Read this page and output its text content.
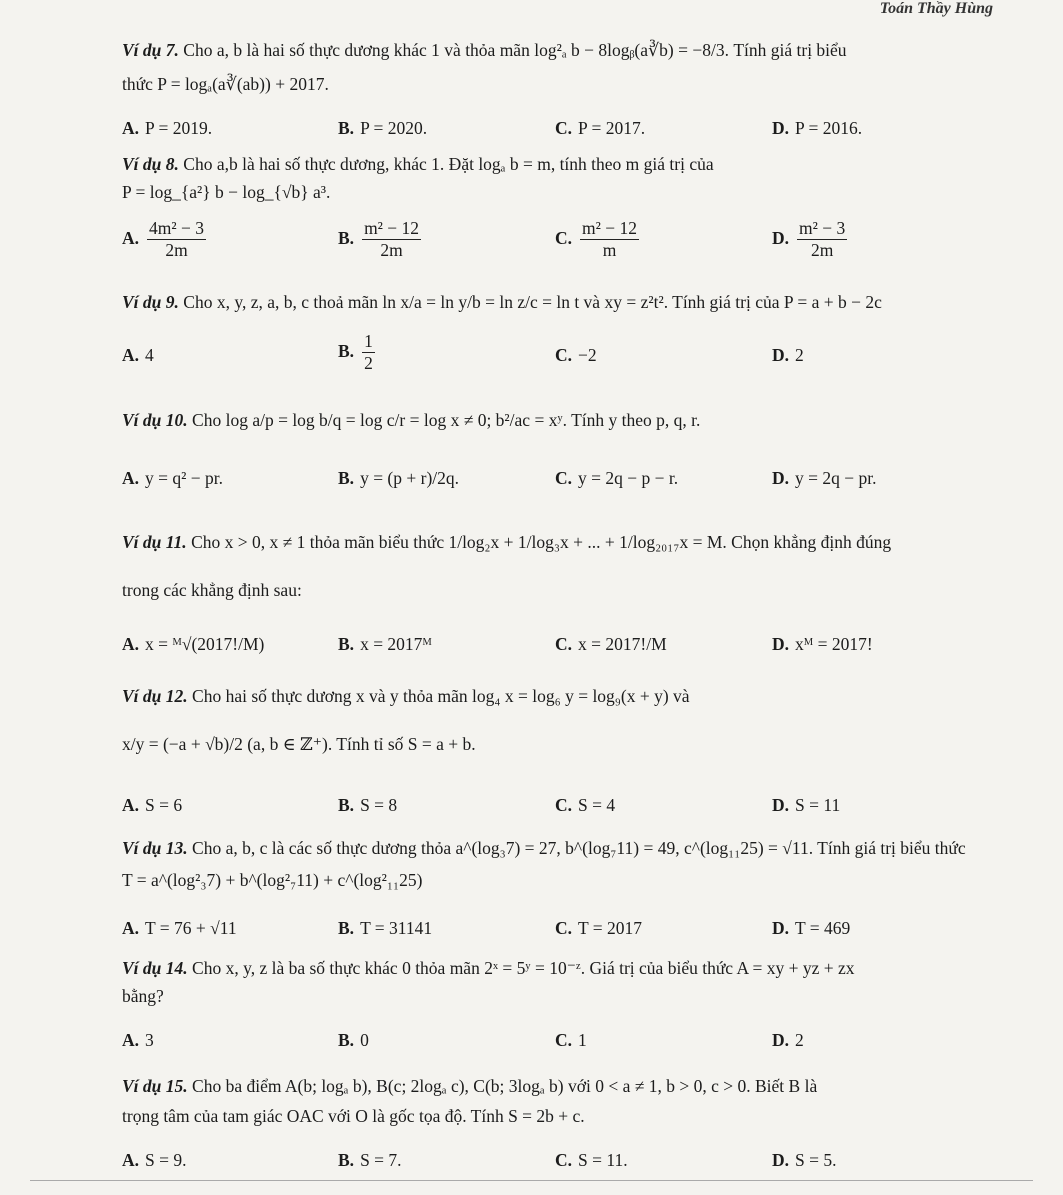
Toán Thầy Hùng
Ví dụ 7. Cho a, b là hai số thực dương khác 1 và thỏa mãn log²ₐ b − 8logᵦ(a∛b) = −8/3. Tính giá trị biểu
thức P = logₐ(a∛(ab)) + 2017.
A. P = 2019.	B. P = 2020.	C. P = 2017.	D. P = 2016.
Ví dụ 8. Cho a,b là hai số thực dương, khác 1. Đặt logₐ b = m, tính theo m giá trị của
P = log_{a²} b − log_{√b} a³.
A. $\frac{\text{4m² − 3}}{2m}$	B. $\frac{\text{m² − 12}}{2m}$	C. $\frac{\text{m² − 12}}{m}$	D. $\frac{\text{m² − 3}}{2m}$
Ví dụ 9. Cho x, y, z, a, b, c thoả mãn ln x/a = ln y/b = ln z/c = ln t và xy = z²t². Tính giá trị của P = a + b − 2c
A. 4	B. $\frac{1}{2}$	C. −2	D. 2
Ví dụ 10. Cho log a/p = log b/q = log c/r = log x ≠ 0; b²/ac = xʸ. Tính y theo p, q, r.
A. y = q² − pr.	B. y = (p + r)/2q.	C. y = 2q − p − r.	D. y = 2q − pr.
Ví dụ 11. Cho x > 0, x ≠ 1 thỏa mãn biểu thức 1/log₂x + 1/log₃x + ... + 1/log₂₀₁₇x = M. Chọn khẳng định đúng
trong các khẳng định sau:
A. x = ᴹ√(2017!/M)	B. x = 2017ᴹ	C. x = 2017!/M	D. xᴹ = 2017!
Ví dụ 12. Cho hai số thực dương x và y thỏa mãn log₄ x = log₆ y = log₉(x + y) và
x/y = (−a + √b)/2 (a, b ∈ ℤ⁺). Tính tỉ số S = a + b.
A. S = 6	B. S = 8	C. S = 4	D. S = 11
Ví dụ 13. Cho a, b, c là các số thực dương thỏa a^(log₃7) = 27, b^(log₇11) = 49, c^(log₁₁25) = √11. Tính giá trị biểu thức
T = a^(log²₃7) + b^(log²₇11) + c^(log²₁₁25)
A. T = 76 + √11	B. T = 31141	C. T = 2017	D. T = 469
Ví dụ 14. Cho x, y, z là ba số thực khác 0 thỏa mãn 2ˣ = 5ʸ = 10⁻ᶻ. Giá trị của biểu thức A = xy + yz + zx
bằng?
A. 3	B. 0	C. 1	D. 2
Ví dụ 15. Cho ba điểm A(b; logₐ b), B(c; 2logₐ c), C(b; 3logₐ b) với 0 < a ≠ 1, b > 0, c > 0. Biết B là
trọng tâm của tam giác OAC với O là gốc tọa độ. Tính S = 2b + c.
A. S = 9.	B. S = 7.	C. S = 11.	D. S = 5.
